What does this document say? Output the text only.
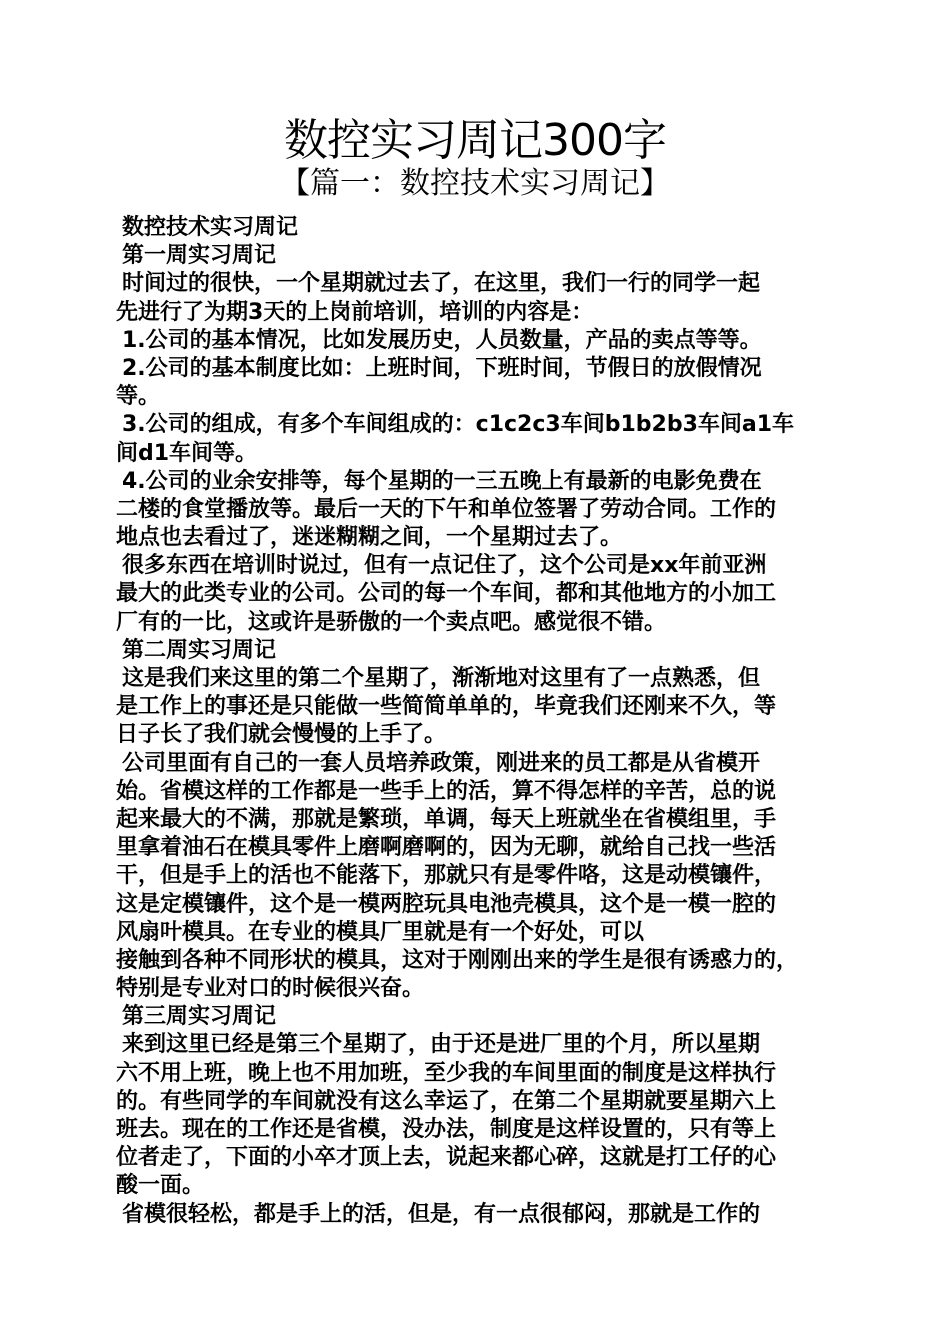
数控实习周记300字
【篇一：数控技术实习周记】
数控技术实习周记
第一周实习周记
时间过的很快，一个星期就过去了，在这里，我们一行的同学一起
先进行了为期3天的上岗前培训，培训的内容是：
1.公司的基本情况，比如发展历史，人员数量，产品的卖点等等。
2.公司的基本制度比如：上班时间，下班时间，节假日的放假情况
等。
3.公司的组成，有多个车间组成的：c1c2c3车间b1b2b3车间a1车
间d1车间等。
4.公司的业余安排等，每个星期的一三五晚上有最新的电影免费在
二楼的食堂播放等。最后一天的下午和单位签署了劳动合同。工作的
地点也去看过了，迷迷糊糊之间，一个星期过去了。
很多东西在培训时说过，但有一点记住了，这个公司是xx年前亚洲
最大的此类专业的公司。公司的每一个车间，都和其他地方的小加工
厂有的一比，这或许是骄傲的一个卖点吧。感觉很不错。
第二周实习周记
这是我们来这里的第二个星期了，渐渐地对这里有了一点熟悉，但
是工作上的事还是只能做一些简简单单的，毕竟我们还刚来不久，等
日子长了我们就会慢慢的上手了。
公司里面有自己的一套人员培养政策，刚进来的员工都是从省模开
始。省模这样的工作都是一些手上的活，算不得怎样的辛苦，总的说
起来最大的不满，那就是繁琐，单调，每天上班就坐在省模组里，手
里拿着油石在模具零件上磨啊磨啊的，因为无聊，就给自己找一些活
干，但是手上的活也不能落下，那就只有是零件咯，这是动模镶件，
这是定模镶件，这个是一模两腔玩具电池壳模具，这个是一模一腔的
风扇叶模具。在专业的模具厂里就是有一个好处，可以
接触到各种不同形状的模具，这对于刚刚出来的学生是很有诱惑力的，
特别是专业对口的时候很兴奋。
第三周实习周记
来到这里已经是第三个星期了，由于还是进厂里的个月，所以星期
六不用上班，晚上也不用加班，至少我的车间里面的制度是这样执行
的。有些同学的车间就没有这么幸运了，在第二个星期就要星期六上
班去。现在的工作还是省模，没办法，制度是这样设置的，只有等上
位者走了，下面的小卒才顶上去，说起来都心碎，这就是打工仔的心
酸一面。
省模很轻松，都是手上的活，但是，有一点很郁闷，那就是工作的
